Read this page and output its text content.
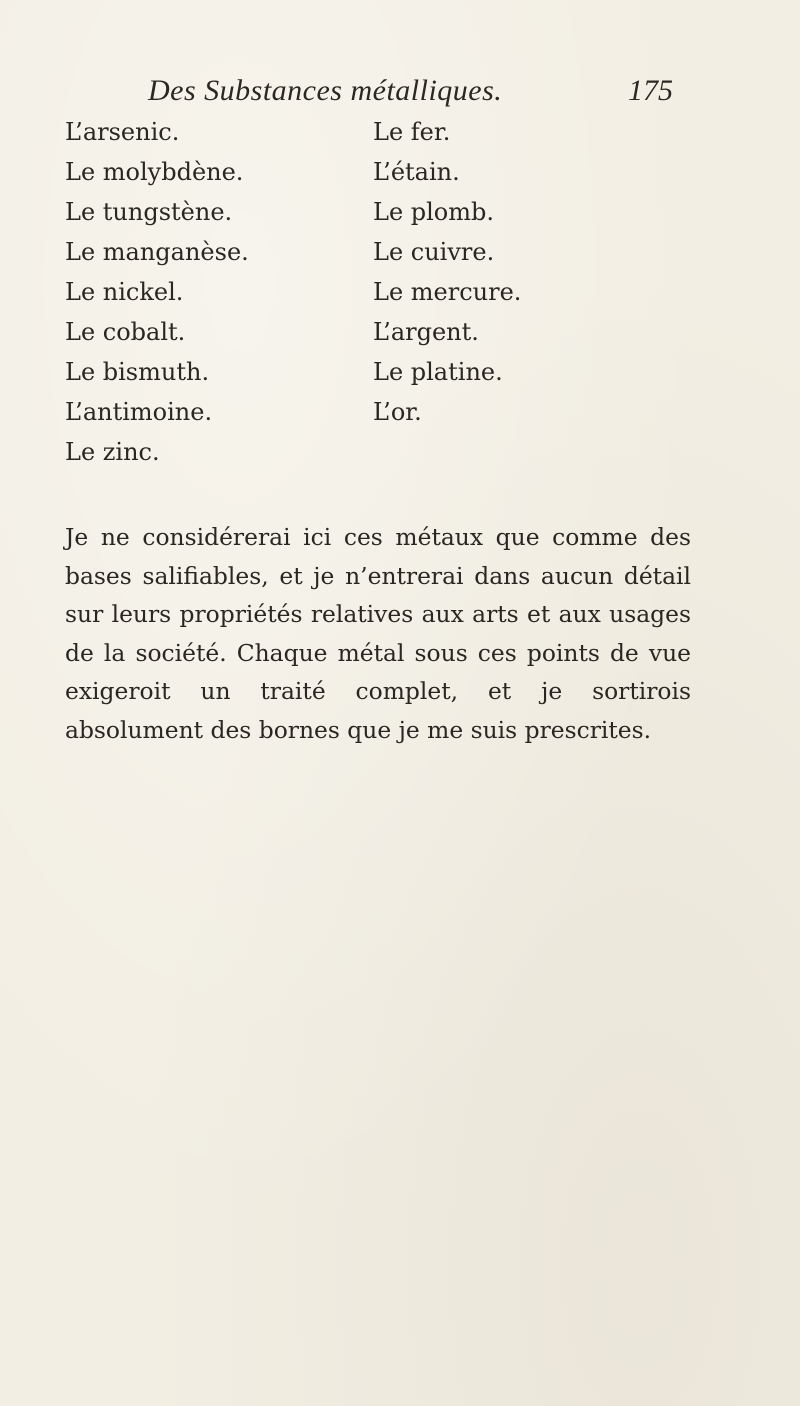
Des Substances métalliques.	175
L’arsenic.
Le molybdène.
Le tungstène.
Le manganèse.
Le nickel.
Le cobalt.
Le bismuth.
L’antimoine.
Le zinc.
Le fer.
L’étain.
Le plomb.
Le cuivre.
Le mercure.
L’argent.
Le platine.
L’or.

Je ne considérerai ici ces métaux que comme des bases salifiables, et je n’entrerai dans aucun détail sur leurs propriétés relatives aux arts et aux usages de la société. Chaque métal sous ces points de vue exigeroit un traité complet, et je sortirois absolument des bornes que je me suis prescrites.
